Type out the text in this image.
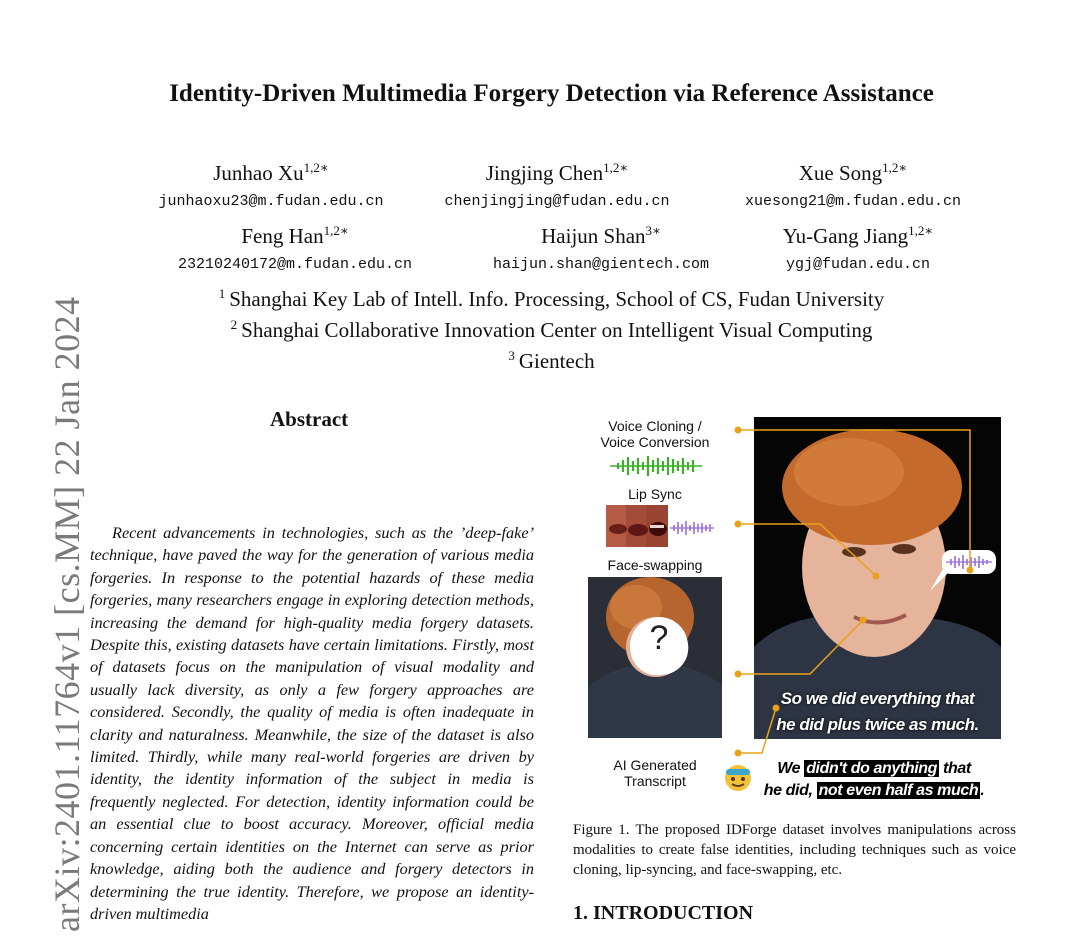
arXiv:2401.11764v1 [cs.MM] 22 Jan 2024
Identity-Driven Multimedia Forgery Detection via Reference Assistance
Junhao $Xu^{1,2∗}$
junhaoxu23@m.fudan.edu.cn
Jingjing Chen$^{1,2∗}$
chenjingjing@fudan.edu.cn
Xue Song$^{1,2∗}$
xuesong21@m.fudan.edu.cn
Feng Han$^{1,2∗}$
23210240172@m.fudan.edu.cn
Haijun Shan$^{3∗}$
haijun.shan@gientech.com
Yu-Gang Jiang$^{1,2∗}$
ygj@fudan.edu.cn
$^1$ Shanghai Key Lab of Intell. Info. Processing, School of CS, Fudan University
$^2$ Shanghai Collaborative Innovation Center on Intelligent Visual Computing
$^3$ Gientech
Abstract

Recent advancements in technologies, such as the ’deep-fake’ technique, have paved the way for the generation of various media forgeries. In response to the potential hazards of these media forgeries, many researchers engage in exploring detection methods, increasing the demand for high-quality media forgery datasets. Despite this, existing datasets have certain limitations. Firstly, most of datasets focus on the manipulation of visual modality and usually lack diversity, as only a few forgery approaches are considered. Secondly, the quality of media is often inadequate in clarity and naturalness. Meanwhile, the size of the dataset is also limited. Thirdly, while many real-world forgeries are driven by identity, the identity information of the subject in media is frequently neglected. For detection, identity information could be an essential clue to boost accuracy. Moreover, official media concerning certain identities on the Internet can serve as prior knowledge, aiding both the audience and forgery detectors in determining the true identity. Therefore, we propose an identity-driven multimedia

Voice Cloning /
Voice Conversion
Lip Sync
Face-swapping
?
So we did everything that
he did plus twice as much.
AI Generated
Transcript
We didn't do anything that
he did, not even half as much .

Figure 1. The proposed IDForge dataset involves manipulations across modalities to create false identities, including techniques such as voice cloning, lip-syncing, and face-swapping, etc.

1. INTRODUCTION
